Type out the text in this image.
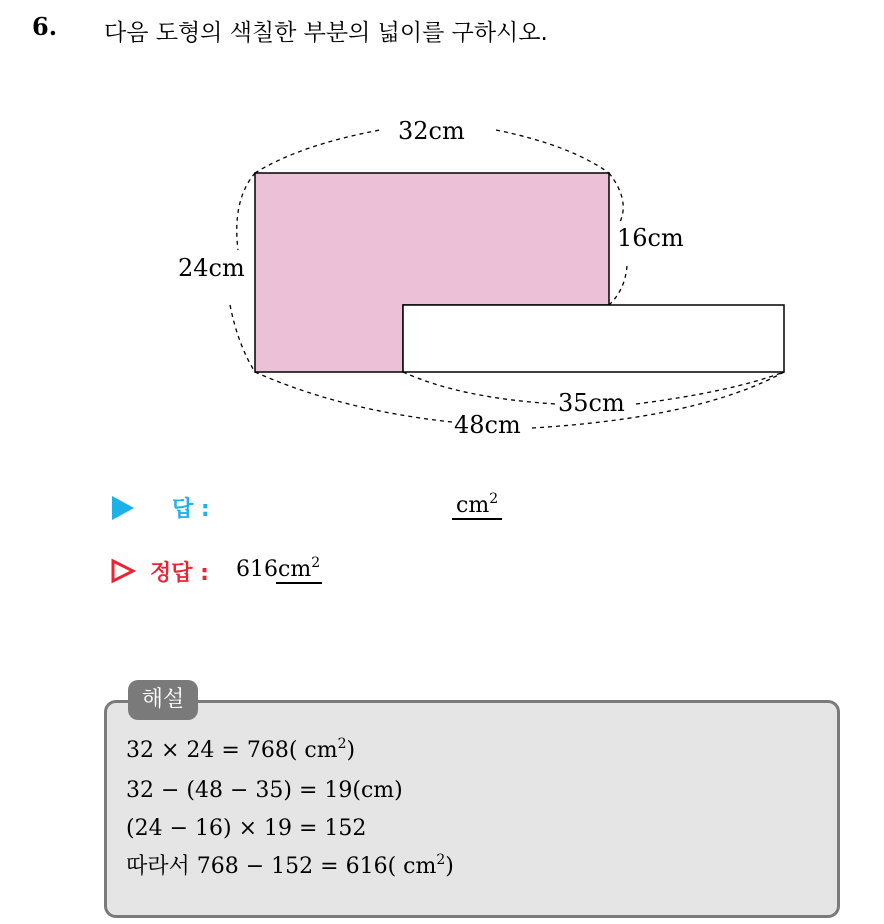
6. 다음 도형의 색칠한 부분의 넓이를 구하시오.
32cm
24cm
16cm
35cm
48cm
답 :	$cm^2$
정답 : 616 $cm^2$
해설
32 × 24 = 768( $cm^2$)
32 − (48 − 35) = 19(cm)
(24 − 16) × 19 = 152
따라서 768 − 152 = 616( $cm^2$)
